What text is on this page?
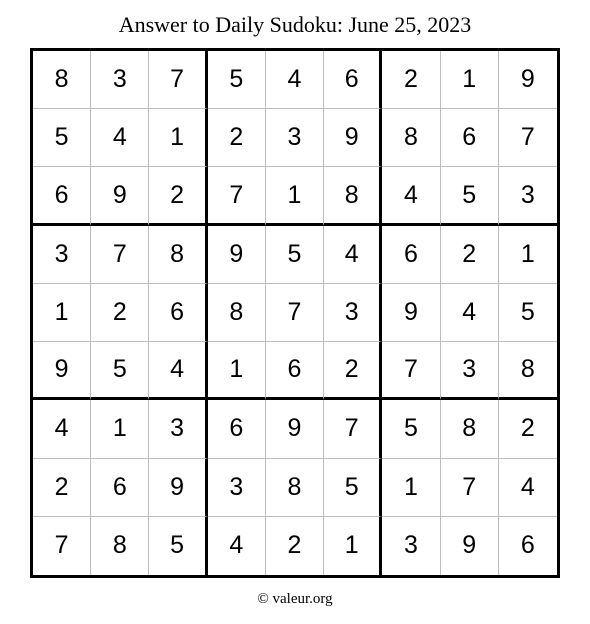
Answer to Daily Sudoku: June 25, 2023
8	3	7	5	4	6	2	1	9
5	4	1	2	3	9	8	6	7
6	9	2	7	1	8	4	5	3
3	7	8	9	5	4	6	2	1
1	2	6	8	7	3	9	4	5
9	5	4	1	6	2	7	3	8
4	1	3	6	9	7	5	8	2
2	6	9	3	8	5	1	7	4
7	8	5	4	2	1	3	9	6
© valeur.org
